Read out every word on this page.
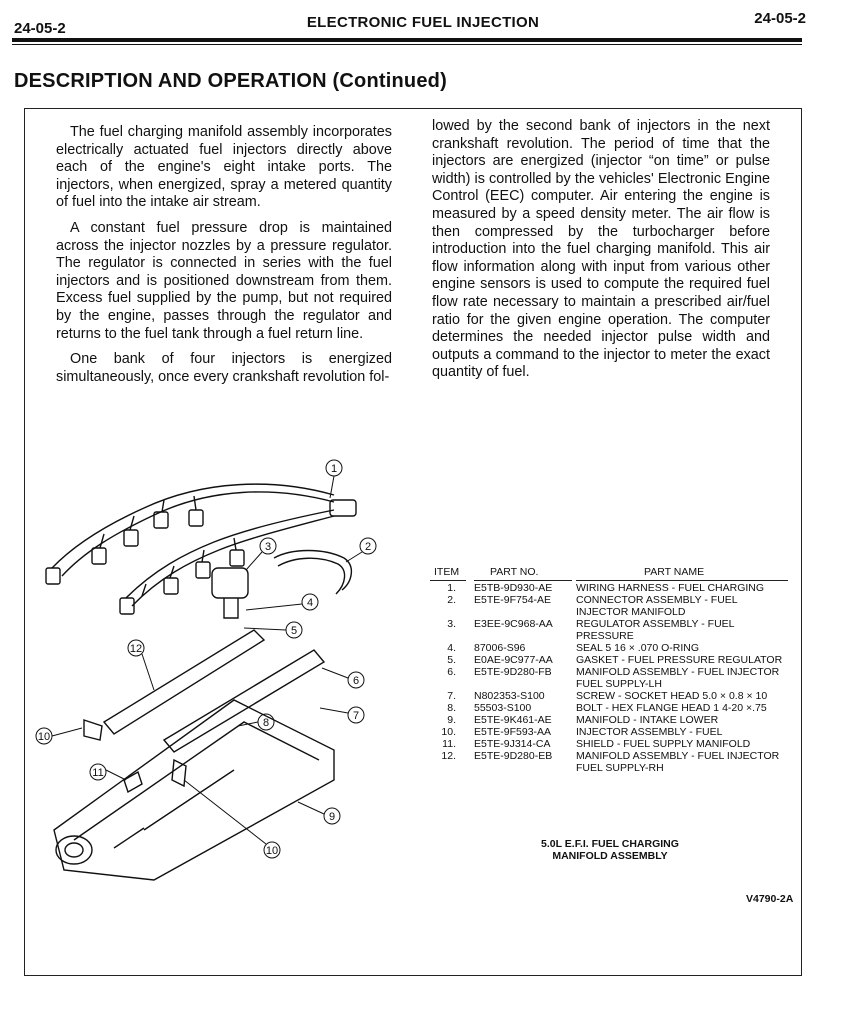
24-05-2	ELECTRONIC FUEL INJECTION	24-05-2
DESCRIPTION AND OPERATION (Continued)

The fuel charging manifold assembly incorporates electrically actuated fuel injectors directly above each of the engine's eight intake ports. The injectors, when energized, spray a metered quantity of fuel into the intake air stream.

A constant fuel pressure drop is maintained across the injector nozzles by a pressure regulator. The regulator is connected in series with the fuel injectors and is positioned downstream from them. Excess fuel supplied by the pump, but not required by the engine, passes through the regulator and returns to the fuel tank through a fuel return line.

One bank of four injectors is energized simultaneously, once every crankshaft revolution fol-

lowed by the second bank of injectors in the next crankshaft revolution. The period of time that the injectors are energized (injector “on time” or pulse width) is controlled by the vehicles' Electronic Engine Control (EEC) computer. Air entering the engine is measured by a speed density meter. The air flow is then compressed by the turbocharger before introduction into the fuel charging manifold. This air flow information along with input from various other engine sensors is used to compute the required fuel flow rate necessary to maintain a prescribed air/fuel ratio for the given engine operation. The computer determines the needed injector pulse width and outputs a command to the injector to meter the exact quantity of fuel.

1
2
3
4
5
6
7
8
9
10
11
12
10
ITEM	PART NO.	PART NAME
1. E5TB-9D930-AE	WIRING HARNESS - FUEL CHARGING
2. E5TE-9F754-AE	CONNECTOR ASSEMBLY - FUEL INJECTOR MANIFOLD
3. E3EE-9C968-AA	REGULATOR ASSEMBLY - FUEL PRESSURE
4. 87006-S96	SEAL 5 16 × .070 O-RING
5. E0AE-9C977-AA	GASKET - FUEL PRESSURE REGULATOR
6. E5TE-9D280-FB	MANIFOLD ASSEMBLY - FUEL INJECTOR FUEL SUPPLY-LH
7. N802353-S100	SCREW - SOCKET HEAD 5.0 × 0.8 × 10
8. 55503-S100	BOLT - HEX FLANGE HEAD 1 4-20 ×.75
9. E5TE-9K461-AE	MANIFOLD - INTAKE LOWER
10. E5TE-9F593-AA	INJECTOR ASSEMBLY - FUEL
11. E5TE-9J314-CA	SHIELD - FUEL SUPPLY MANIFOLD
12. E5TE-9D280-EB	MANIFOLD ASSEMBLY - FUEL INJECTOR FUEL SUPPLY-RH
5.0L E.F.I. FUEL CHARGING
MANIFOLD ASSEMBLY
V4790-2A
